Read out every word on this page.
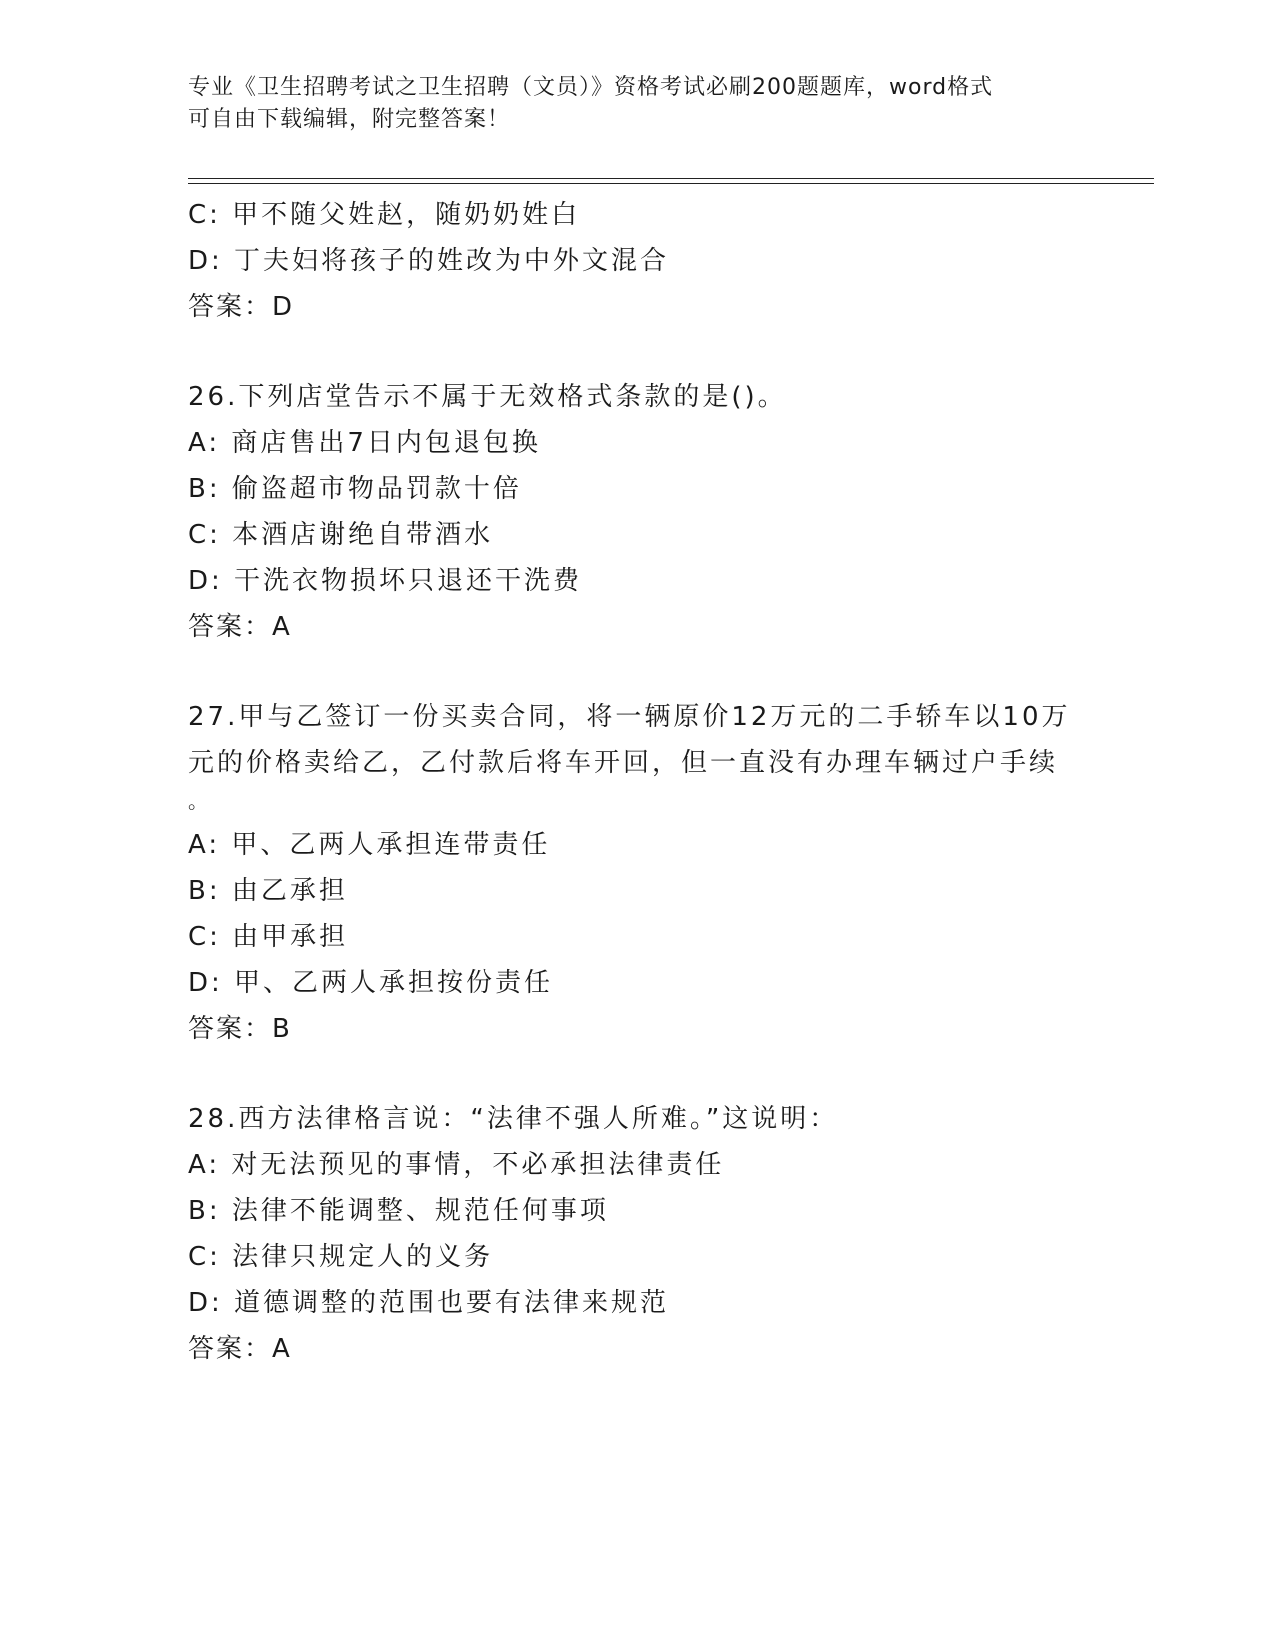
专业《卫生招聘考试之卫生招聘（文员）》资格考试必刷200题题库，word格式
可自由下载编辑，附完整答案！
C: 甲不随父姓赵，随奶奶姓白
D: 丁夫妇将孩子的姓改为中外文混合
答案：D
26.下列店堂告示不属于无效格式条款的是()。
A: 商店售出7日内包退包换
B: 偷盗超市物品罚款十倍
C: 本酒店谢绝自带酒水
D: 干洗衣物损坏只退还干洗费
答案：A
27.甲与乙签订一份买卖合同，将一辆原价12万元的二手轿车以10万
元的价格卖给乙，乙付款后将车开回，但一直没有办理车辆过户手续
。
A: 甲、乙两人承担连带责任
B: 由乙承担
C: 由甲承担
D: 甲、乙两人承担按份责任
答案：B
28.西方法律格言说：“法律不强人所难。”这说明：
A: 对无法预见的事情，不必承担法律责任
B: 法律不能调整、规范任何事项
C: 法律只规定人的义务
D: 道德调整的范围也要有法律来规范
答案：A
